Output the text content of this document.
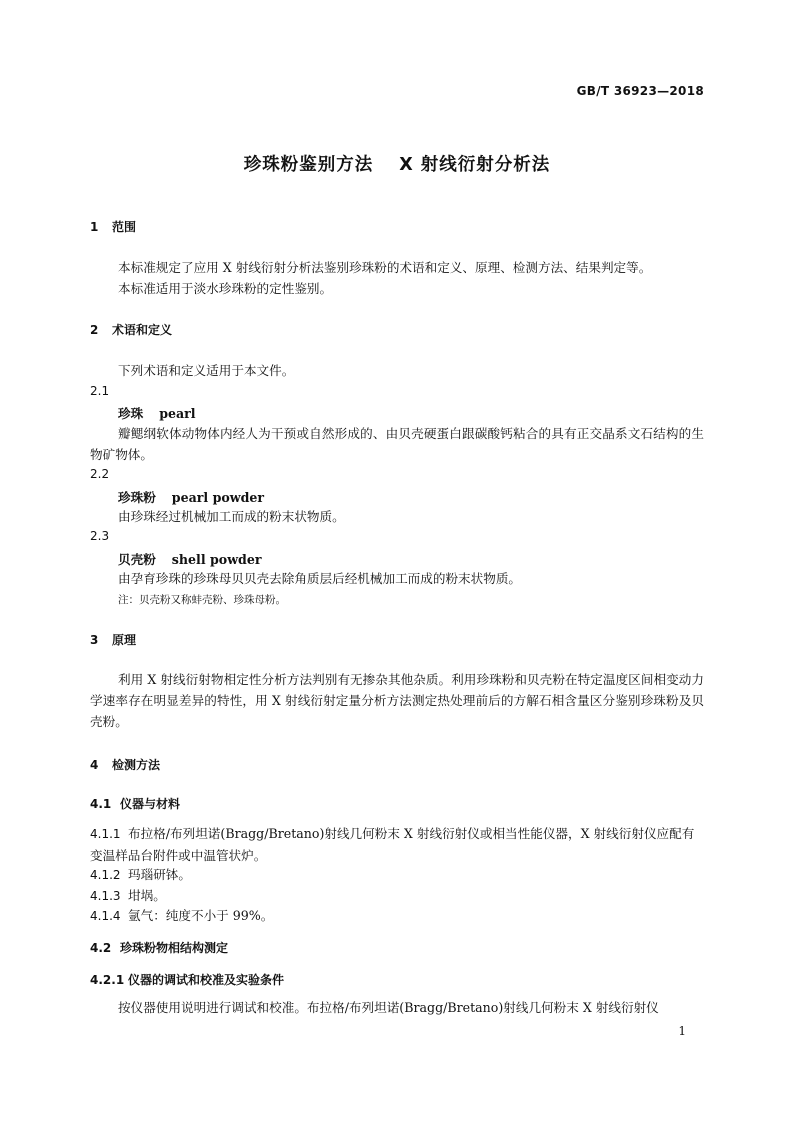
GB/T 36923—2018
珍珠粉鉴别方法 X 射线衍射分析法
1 范围

本标准规定了应用 X 射线衍射分析法鉴别珍珠粉的术语和定义、原理、检测方法、结果判定等。

本标准适用于淡水珍珠粉的定性鉴别。

2 术语和定义

下列术语和定义适用于本文件。

2.1
珍珠 pearl

瓣鳃纲软体动物体内经人为干预或自然形成的、由贝壳硬蛋白跟碳酸钙粘合的具有正交晶系文石结构的生物矿物体。

2.2
珍珠粉 pearl powder

由珍珠经过机械加工而成的粉末状物质。

2.3
贝壳粉 shell powder

由孕育珍珠的珍珠母贝贝壳去除角质层后经机械加工而成的粉末状物质。

注：贝壳粉又称蚌壳粉、珍珠母粉。
3 原理

利用 X 射线衍射物相定性分析方法判别有无掺杂其他杂质。利用珍珠粉和贝壳粉在特定温度区间相变动力学速率存在明显差异的特性，用 X 射线衍射定量分析方法测定热处理前后的方解石相含量区分鉴别珍珠粉及贝壳粉。

4 检测方法
4.1 仪器与材料

4.1.1 布拉格/布列坦诺(Bragg/Bretano)射线几何粉末 X 射线衍射仪或相当性能仪器，X 射线衍射仪应配有变温样品台附件或中温管状炉。

4.1.2 玛瑙研钵。

4.1.3 坩埚。

4.1.4 氩气：纯度不小于 99%。

4.2 珍珠粉物相结构测定
4.2.1 仪器的调试和校准及实验条件

按仪器使用说明进行调试和校准。布拉格/布列坦诺(Bragg/Bretano)射线几何粉末 X 射线衍射仪

1
